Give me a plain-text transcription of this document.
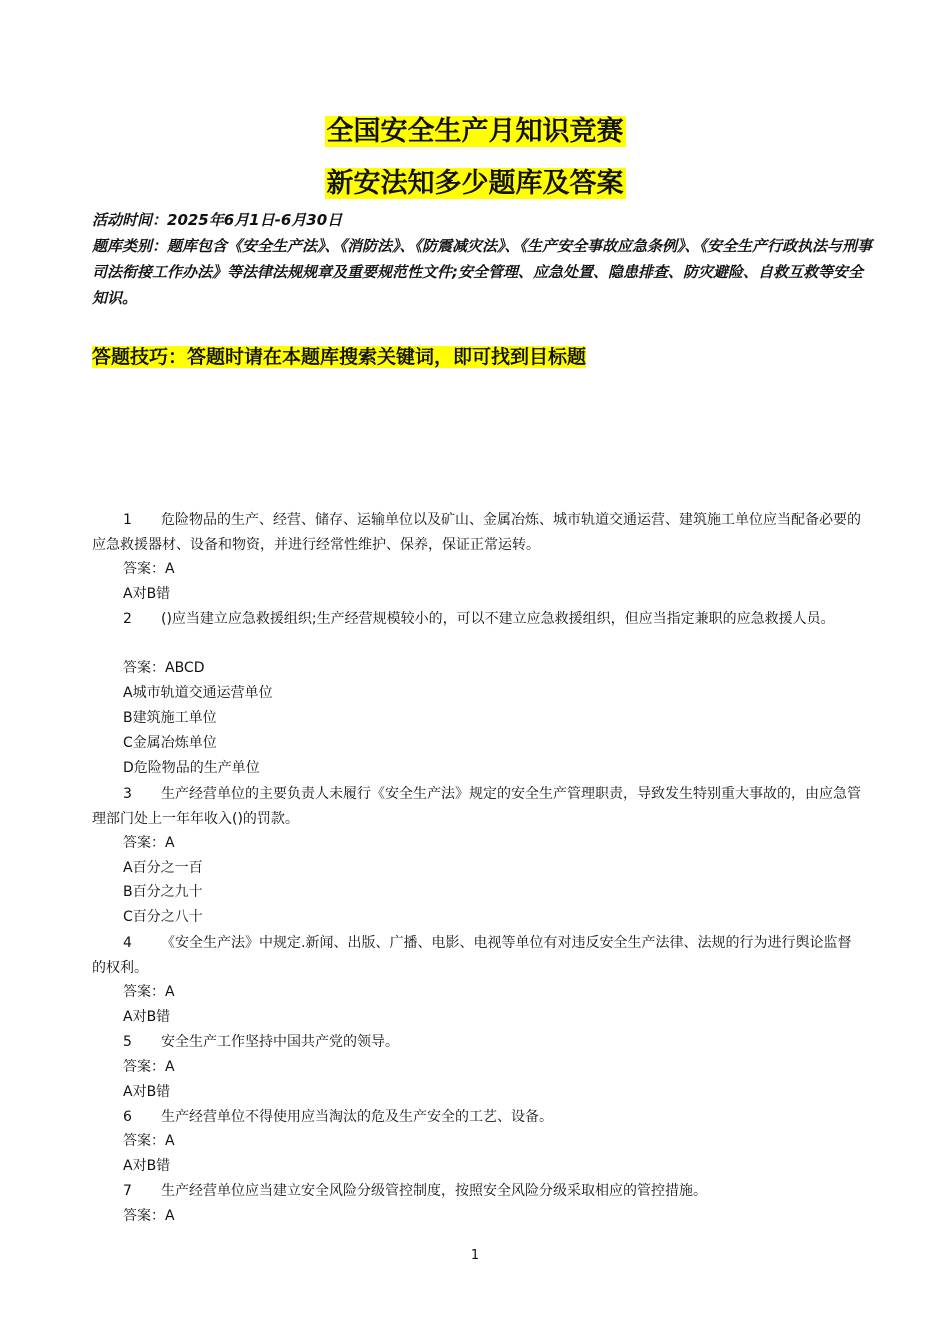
全国安全生产月知识竞赛
新安法知多少题库及答案
活动时间：2025年6月1日-6月30日
题库类别：题库包含《安全生产法》、《消防法》、《防震减灾法》、《生产安全事故应急条例》、《安全生产行政执法与刑事司法衔接工作办法》等法律法规规章及重要规范性文件;安全管理、应急处置、隐患排查、防灾避险、自救互救等安全知识。
答题技巧：答题时请在本题库搜索关键词，即可找到目标题
危险物品的生产、经营、储存、运输单位以及矿山、金属冶炼、城市轨道交通运营、建筑施工单位应当配备必要的应急救援器材、设备和物资，并进行经常性维护、保养，保证正常运转。
1
答案：A
A对B错
()应当建立应急救援组织;生产经营规模较小的，可以不建立应急救援组织，但应当指定兼职的应急救援人员。
2
答案：ABCD
A城市轨道交通运营单位
B建筑施工单位
C金属冶炼单位
D危险物品的生产单位
生产经营单位的主要负责人未履行《安全生产法》规定的安全生产管理职责，导致发生特别重大事故的，由应急管理部门处上一年年收入()的罚款。
3
答案：A
A百分之一百
B百分之九十
C百分之八十
《安全生产法》中规定.新闻、出版、广播、电影、电视等单位有对违反安全生产法律、法规的行为进行舆论监督的权利。
4
答案：A
A对B错
安全生产工作坚持中国共产党的领导。
5
答案：A
A对B错
生产经营单位不得使用应当淘汰的危及生产安全的工艺、设备。
6
答案：A
A对B错
生产经营单位应当建立安全风险分级管控制度，按照安全风险分级采取相应的管控措施。
7
答案：A
1
